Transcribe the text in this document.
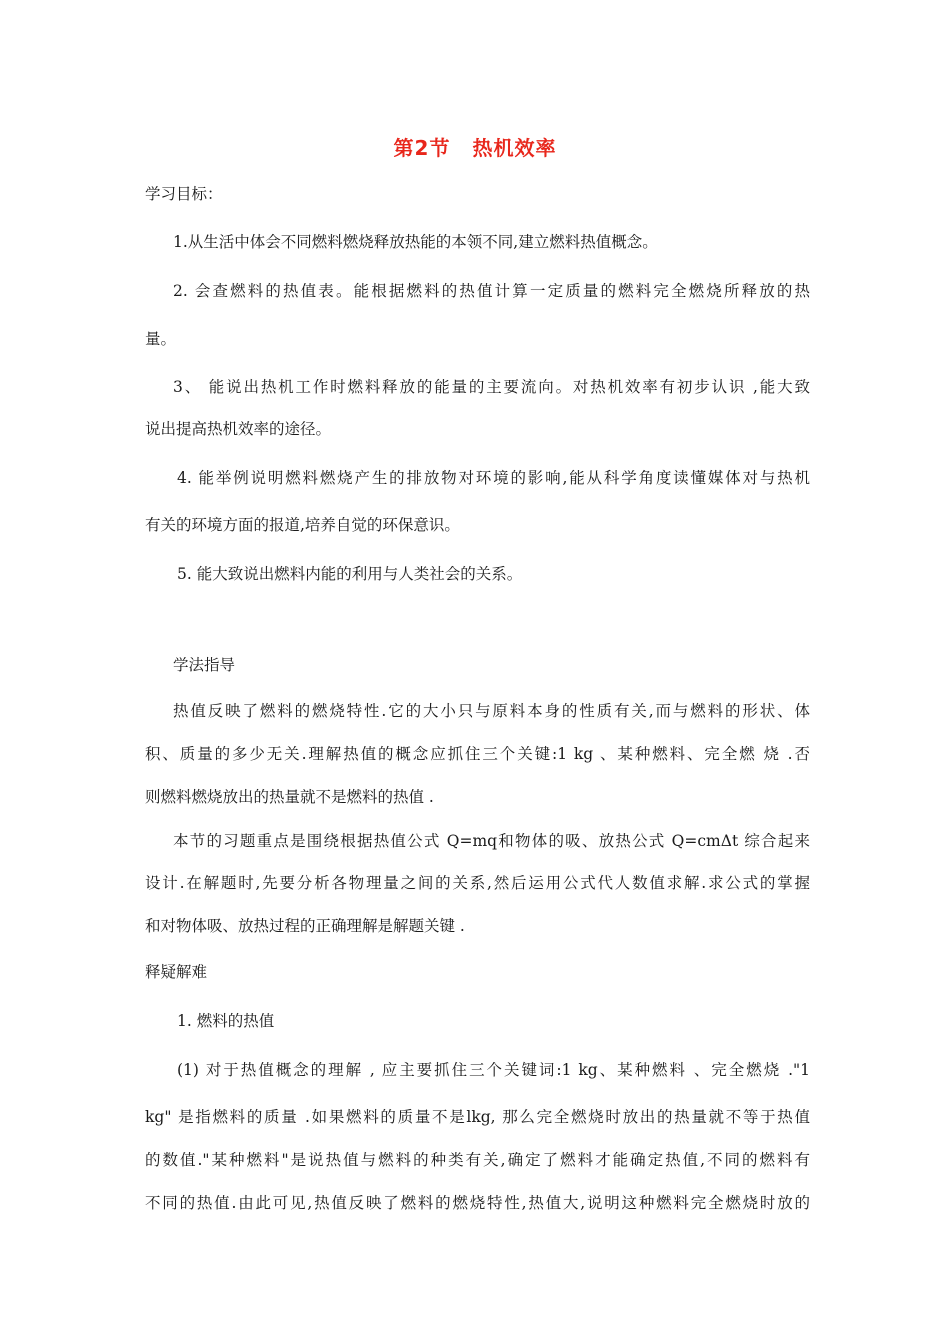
第2节 热机效率
学习目标：
1.从生活中体会不同燃料燃烧释放热能的本领不同,建立燃料热值概念。
2. 会查燃料的热值表。能根据燃料的热值计算一定质量的燃料完全燃烧所释放的热
量。
3、 能说出热机工作时燃料释放的能量的主要流向。对热机效率有初步认识 ,能大致
说出提高热机效率的途径。
4. 能举例说明燃料燃烧产生的排放物对环境的影响,能从科学角度读懂媒体对与热机
有关的环境方面的报道,培养自觉的环保意识。
5. 能大致说出燃料内能的利用与人类社会的关系。
学法指导
热值反映了燃料的燃烧特性.它的大小只与原料本身的性质有关,而与燃料的形状、体
积、质量的多少无关.理解热值的概念应抓住三个关键:1 kg 、某种燃料、完全燃 烧 .否
则燃料燃烧放出的热量就不是燃料的热值 .
本节的习题重点是围绕根据热值公式 Q=mq和物体的吸、放热公式 Q=cmΔt 综合起来
设计.在解题时,先要分析各物理量之间的关系,然后运用公式代人数值求解.求公式的掌握
和对物体吸、放热过程的正确理解是解题关键 .
释疑解难
1. 燃料的热值
(1) 对于热值概念的理解 , 应主要抓住三个关键词:1 kg、某种燃料 、完全燃烧 ."1
kg" 是指燃料的质量 .如果燃料的质量不是lkg, 那么完全燃烧时放出的热量就不等于热值
的数值."某种燃料"是说热值与燃料的种类有关,确定了燃料才能确定热值,不同的燃料有
不同的热值.由此可见,热值反映了燃料的燃烧特性,热值大,说明这种燃料完全燃烧时放的
